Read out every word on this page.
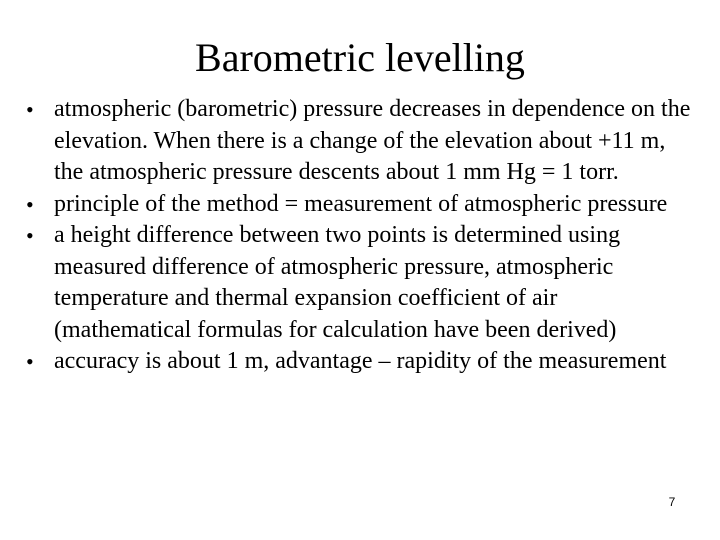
Barometric levelling
• atmospheric (barometric) pressure decreases in dependence on the elevation. When there is a change of the elevation about +11 m, the atmospheric pressure descents about 1 mm Hg = 1 torr.
• principle of the method = measurement of atmospheric pressure
• a height difference between two points is determined using measured difference of atmospheric pressure, atmospheric temperature and thermal expansion coefficient of air (mathematical formulas for calculation have been derived)
• accuracy is about 1 m, advantage – rapidity of the measurement
7
